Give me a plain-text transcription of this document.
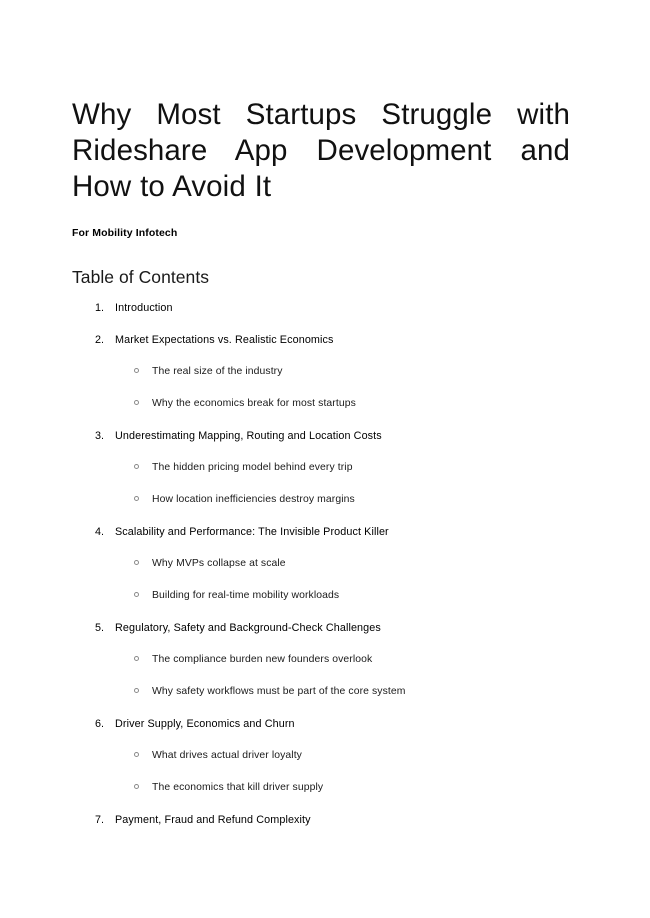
Why Most Startups Struggle with Rideshare App Development and How to Avoid It

For Mobility Infotech

Table of Contents
1.	Introduction
2.	Market Expectations vs. Realistic Economics
The real size of the industry
Why the economics break for most startups
3.	Underestimating Mapping, Routing and Location Costs
The hidden pricing model behind every trip
How location inefficiencies destroy margins
4.	Scalability and Performance: The Invisible Product Killer
Why MVPs collapse at scale
Building for real-time mobility workloads
5.	Regulatory, Safety and Background-Check Challenges
The compliance burden new founders overlook
Why safety workflows must be part of the core system
6.	Driver Supply, Economics and Churn
What drives actual driver loyalty
The economics that kill driver supply
7.	Payment, Fraud and Refund Complexity
